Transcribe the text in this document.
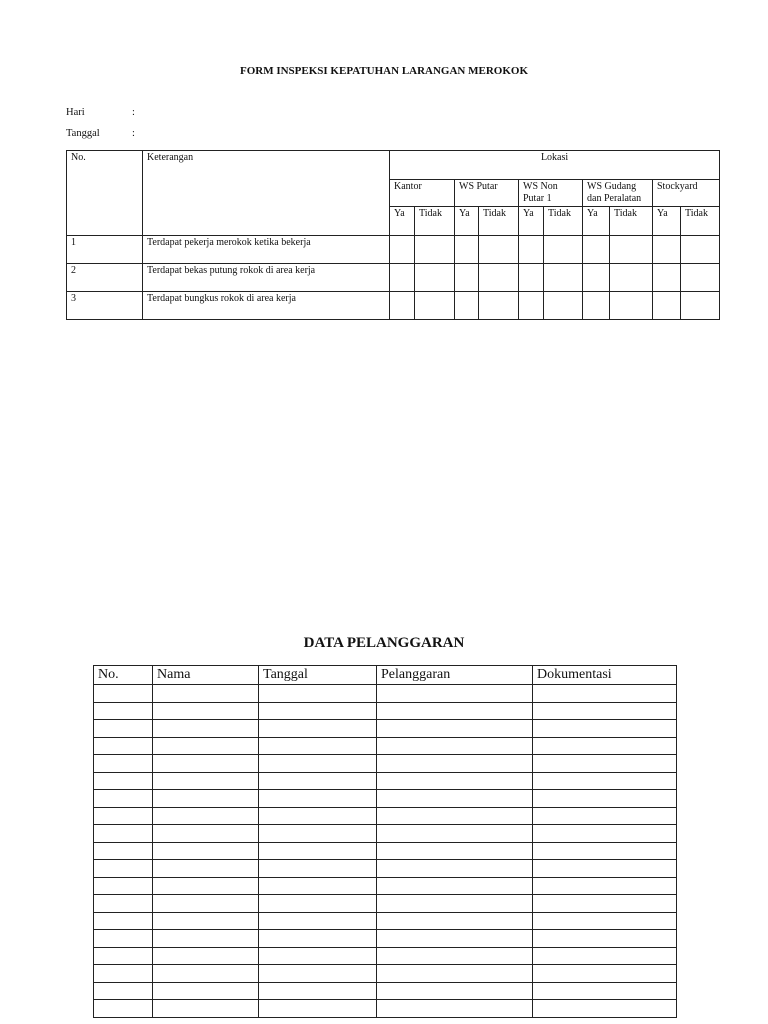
FORM INSPEKSI KEPATUHAN LARANGAN MEROKOK
Hari	:
Tanggal	:
No.	Keterangan	Lokasi									
		Kantor		WS Putar		WS Non Putar 1		WS Gudang dan Peralatan		Stockyard	
		Ya	Tidak	Ya	Tidak	Ya	Tidak	Ya	Tidak	Ya	Tidak
1	Terdapat pekerja merokok ketika bekerja										
2	Terdapat bekas putung rokok di area kerja										
3	Terdapat bungkus rokok di area kerja										
DATA PELANGGARAN
No.	Nama	Tanggal	Pelanggaran	Dokumentasi
